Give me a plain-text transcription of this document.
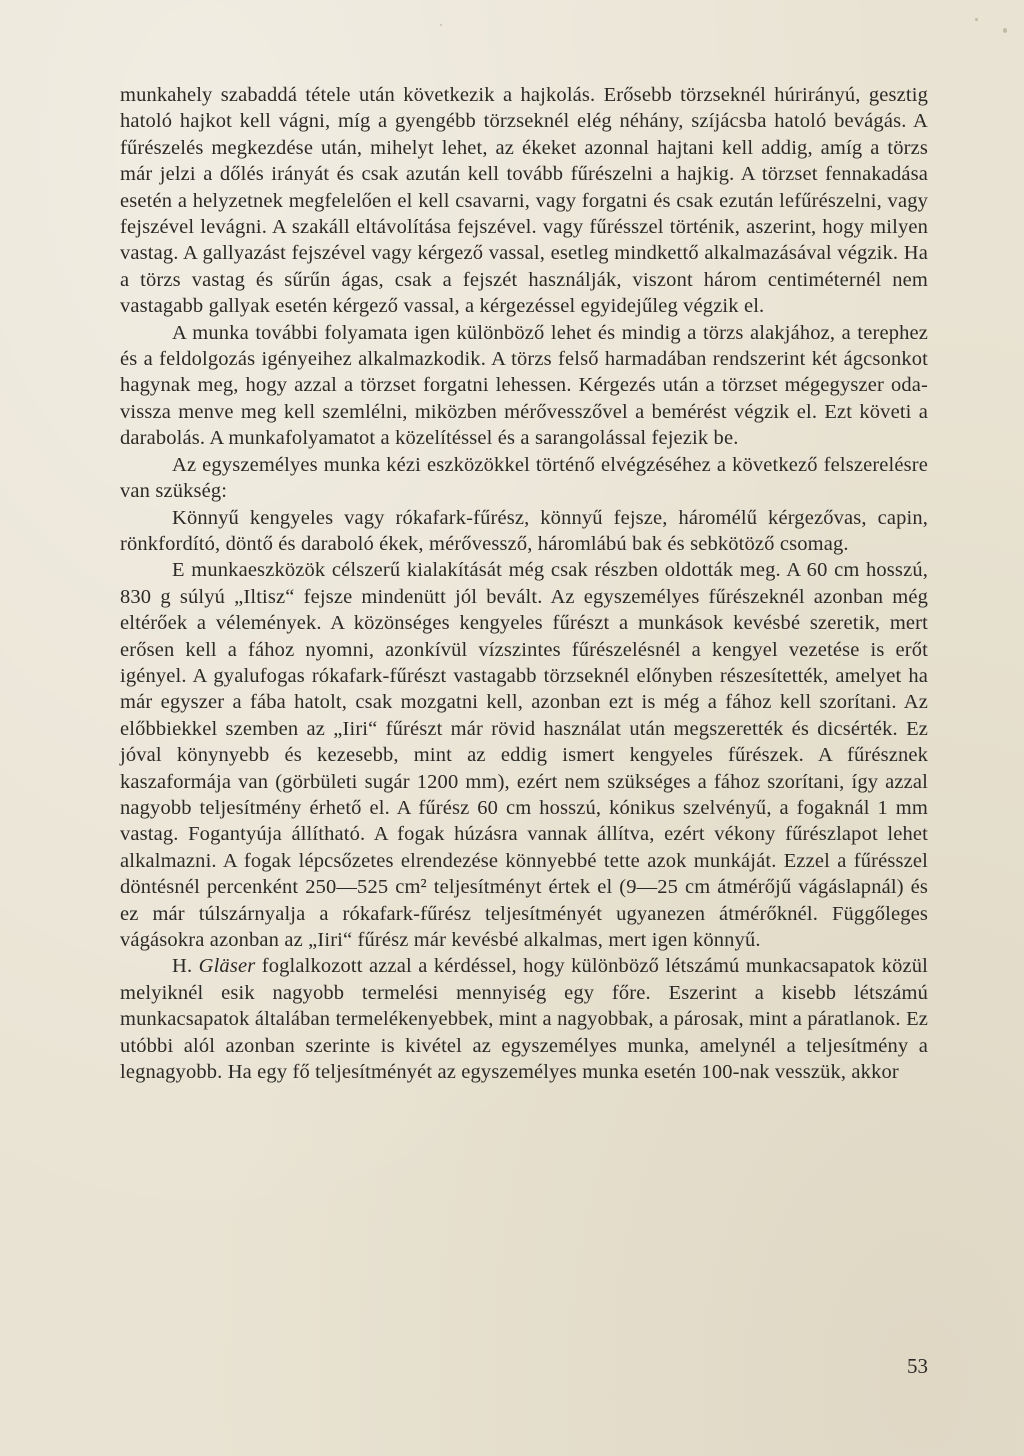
munkahely szabaddá tétele után következik a hajkolás. Erősebb törzseknél húrirányú, gesztig hatoló hajkot kell vágni, míg a gyengébb törzseknél elég néhány, szíjácsba hatoló bevágás. A fűrészelés megkezdése után, mihelyt lehet, az ékeket azonnal hajtani kell addig, amíg a törzs már jelzi a dőlés irányát és csak azután kell tovább fűrészelni a hajkig. A törzset fennakadása esetén a helyzetnek megfelelően el kell csavarni, vagy forgatni és csak ezután lefűrészelni, vagy fejszével levágni. A szakáll eltávolítása fejszével. vagy fűrésszel történik, aszerint, hogy milyen vastag. A gallyazást fejszével vagy kérgező vassal, esetleg mindkettő alkalmazásával végzik. Ha a törzs vastag és sűrűn ágas, csak a fejszét használják, viszont három centiméternél nem vastagabb gallyak esetén kérgező vassal, a kérgezéssel egyidejűleg végzik el.

A munka további folyamata igen különböző lehet és mindig a törzs alakjához, a terephez és a feldolgozás igényeihez alkalmazkodik. A törzs felső harmadában rendszerint két ágcsonkot hagynak meg, hogy azzal a törzset forgatni lehessen. Kérgezés után a törzset mégegyszer oda-vissza menve meg kell szemlélni, miközben mérővesszővel a bemérést végzik el. Ezt követi a darabolás. A munkafolyamatot a közelítéssel és a sarangolással fejezik be.

Az egyszemélyes munka kézi eszközökkel történő elvégzéséhez a következő felszerelésre van szükség:

Könnyű kengyeles vagy rókafark-fűrész, könnyű fejsze, háromélű kérgezővas, capin, rönkfordító, döntő és daraboló ékek, mérővessző, háromlábú bak és sebkötöző csomag.

E munkaeszközök célszerű kialakítását még csak részben oldották meg. A 60 cm hosszú, 830 g súlyú „Iltisz“ fejsze mindenütt jól bevált. Az egyszemélyes fűrészeknél azonban még eltérőek a vélemények. A közönséges kengyeles fűrészt a munkások kevésbé szeretik, mert erősen kell a fához nyomni, azonkívül vízszintes fűrészelésnél a kengyel vezetése is erőt igényel. A gyalufogas rókafark-fűrészt vastagabb törzseknél előnyben részesítették, amelyet ha már egyszer a fába hatolt, csak mozgatni kell, azonban ezt is még a fához kell szorítani. Az előbbiekkel szemben az „Iiri“ fűrészt már rövid használat után megszerették és dicsérték. Ez jóval könynyebb és kezesebb, mint az eddig ismert kengyeles fűrészek. A fűrésznek kaszaformája van (görbületi sugár 1200 mm), ezért nem szükséges a fához szorítani, így azzal nagyobb teljesítmény érhető el. A fűrész 60 cm hosszú, kónikus szelvényű, a fogaknál 1 mm vastag. Fogantyúja állítható. A fogak húzásra vannak állítva, ezért vékony fűrészlapot lehet alkalmazni. A fogak lépcsőzetes elrendezése könnyebbé tette azok munkáját. Ezzel a fűrésszel döntésnél percenként 250—525 cm² teljesítményt értek el (9—25 cm átmérőjű vágáslapnál) és ez már túlszárnyalja a rókafark-fűrész teljesítményét ugyanezen átmérőknél. Függőleges vágásokra azonban az „Iiri“ fűrész már kevésbé alkalmas, mert igen könnyű.

H. Gläser foglalkozott azzal a kérdéssel, hogy különböző létszámú munkacsapatok közül melyiknél esik nagyobb termelési mennyiség egy főre. Eszerint a kisebb létszámú munkacsapatok általában termelékenyebbek, mint a nagyobbak, a párosak, mint a páratlanok. Ez utóbbi alól azonban szerinte is kivétel az egyszemélyes munka, amelynél a teljesítmény a legnagyobb. Ha egy fő teljesítményét az egyszemélyes munka esetén 100-nak vesszük, akkor

53
